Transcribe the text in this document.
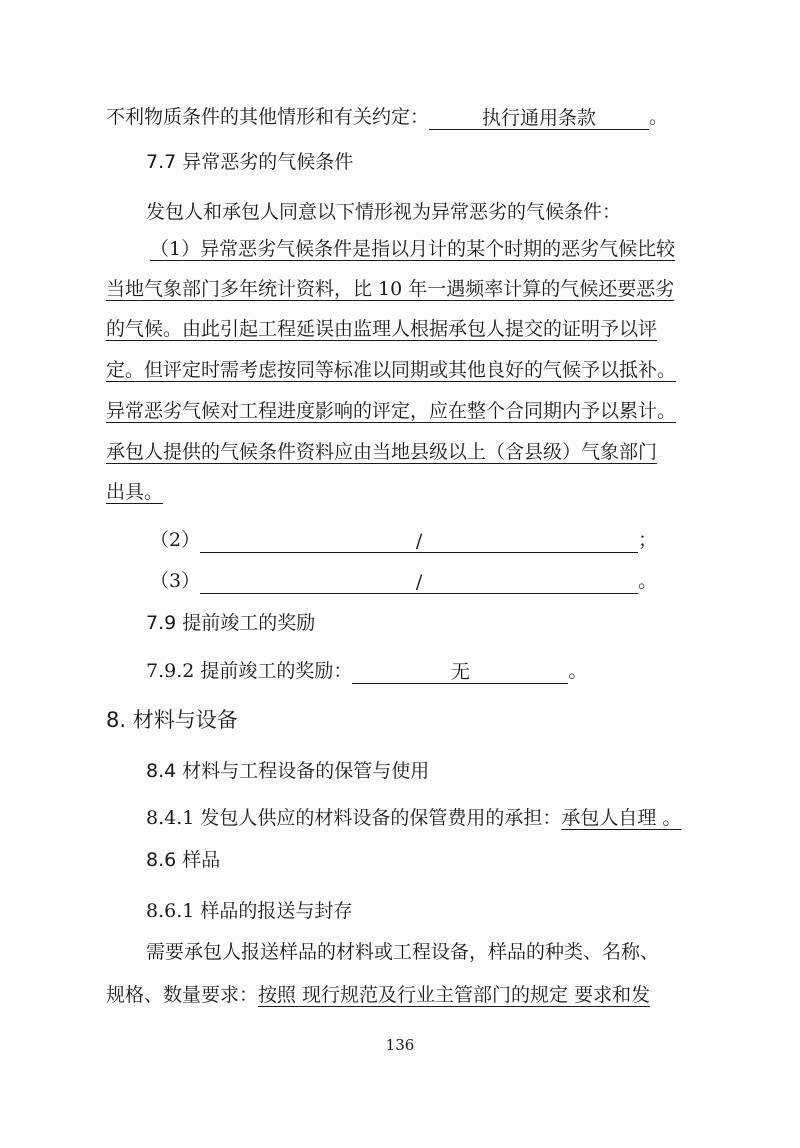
不利物质条件的其他情形和有关约定：	执行通用条款	。
7.7 异常恶劣的气候条件
发包人和承包人同意以下情形视为异常恶劣的气候条件：
（1）异常恶劣气候条件是指以月计的某个时期的恶劣气候比较
当地气象部门多年统计资料，比 10 年一遇频率计算的气候还要恶劣
的气候。由此引起工程延误由监理人根据承包人提交的证明予以评
定。但评定时需考虑按同等标准以同期或其他良好的气候予以抵补。
异常恶劣气候对工程进度影响的评定，应在整个合同期内予以累计。
承包人提供的气候条件资料应由当地县级以上（含县级）气象部门
出具。
（2）	/	；
（3）	/	。
7.9 提前竣工的奖励
7.9.2 提前竣工的奖励：	无	。
8. 材料与设备
8.4 材料与工程设备的保管与使用
8.4.1 发包人供应的材料设备的保管费用的承担：承包人自理 。
8.6 样品
8.6.1 样品的报送与封存
需要承包人报送样品的材料或工程设备，样品的种类、名称、
规格、数量要求：按照 现行规范及行业主管部门的规定 要求和发
136
